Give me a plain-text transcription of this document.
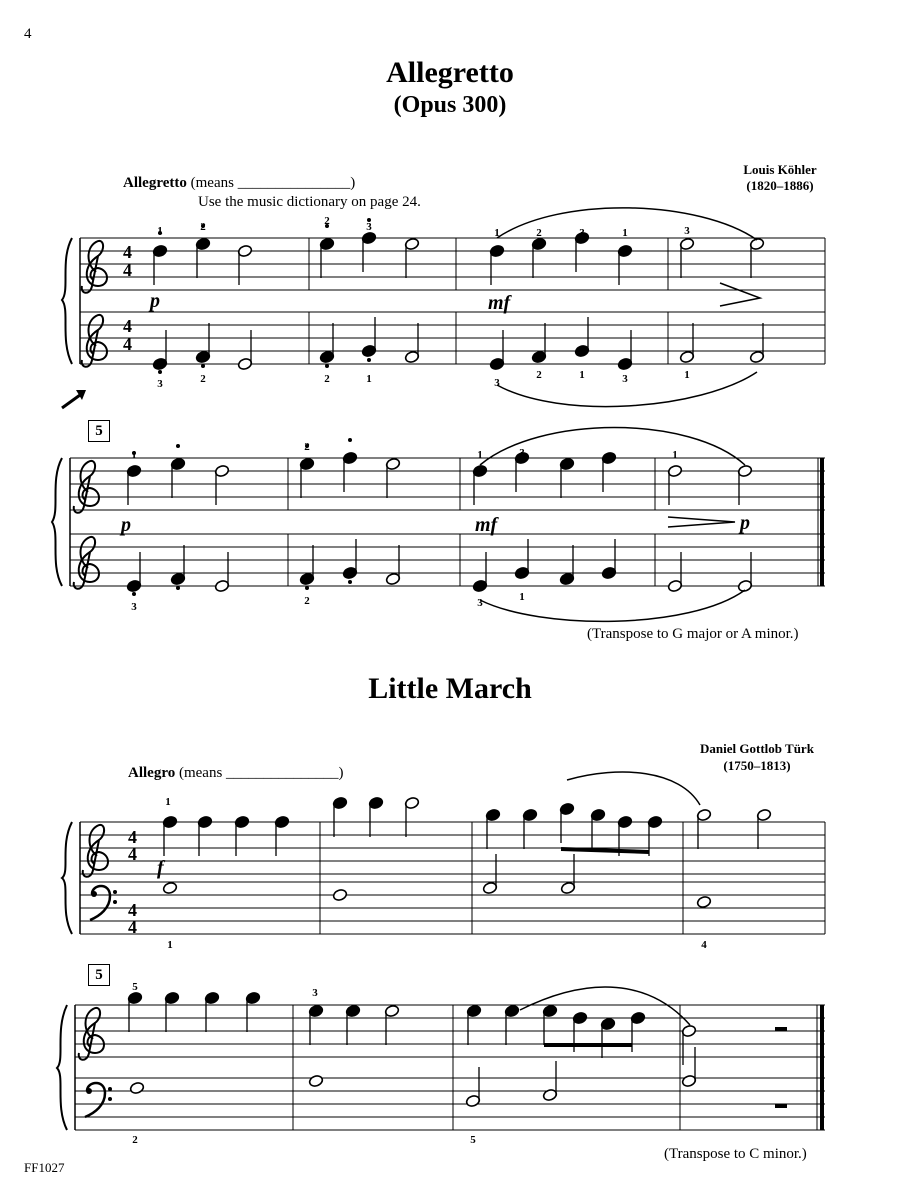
4
Allegretto
(Opus 300)
Louis Köhler
(1820–1886)
Allegretto (means _______________)
Use the music dictionary on page 24.
4
4
4
4
4
4
4
4
1	2	2	3	1	2	3	1	3
3	2	2	1	3
2	1	3	1
1
2
1	3	1
3	2	3	1
1
1	4
5	3
2	5
p	mf
p	mf	p
f
5
(Transpose to G major or A minor.)
Little March
Daniel Gottlob Türk
(1750–1813)
Allegro (means _______________)
5
(Transpose to C minor.)
FF1027
